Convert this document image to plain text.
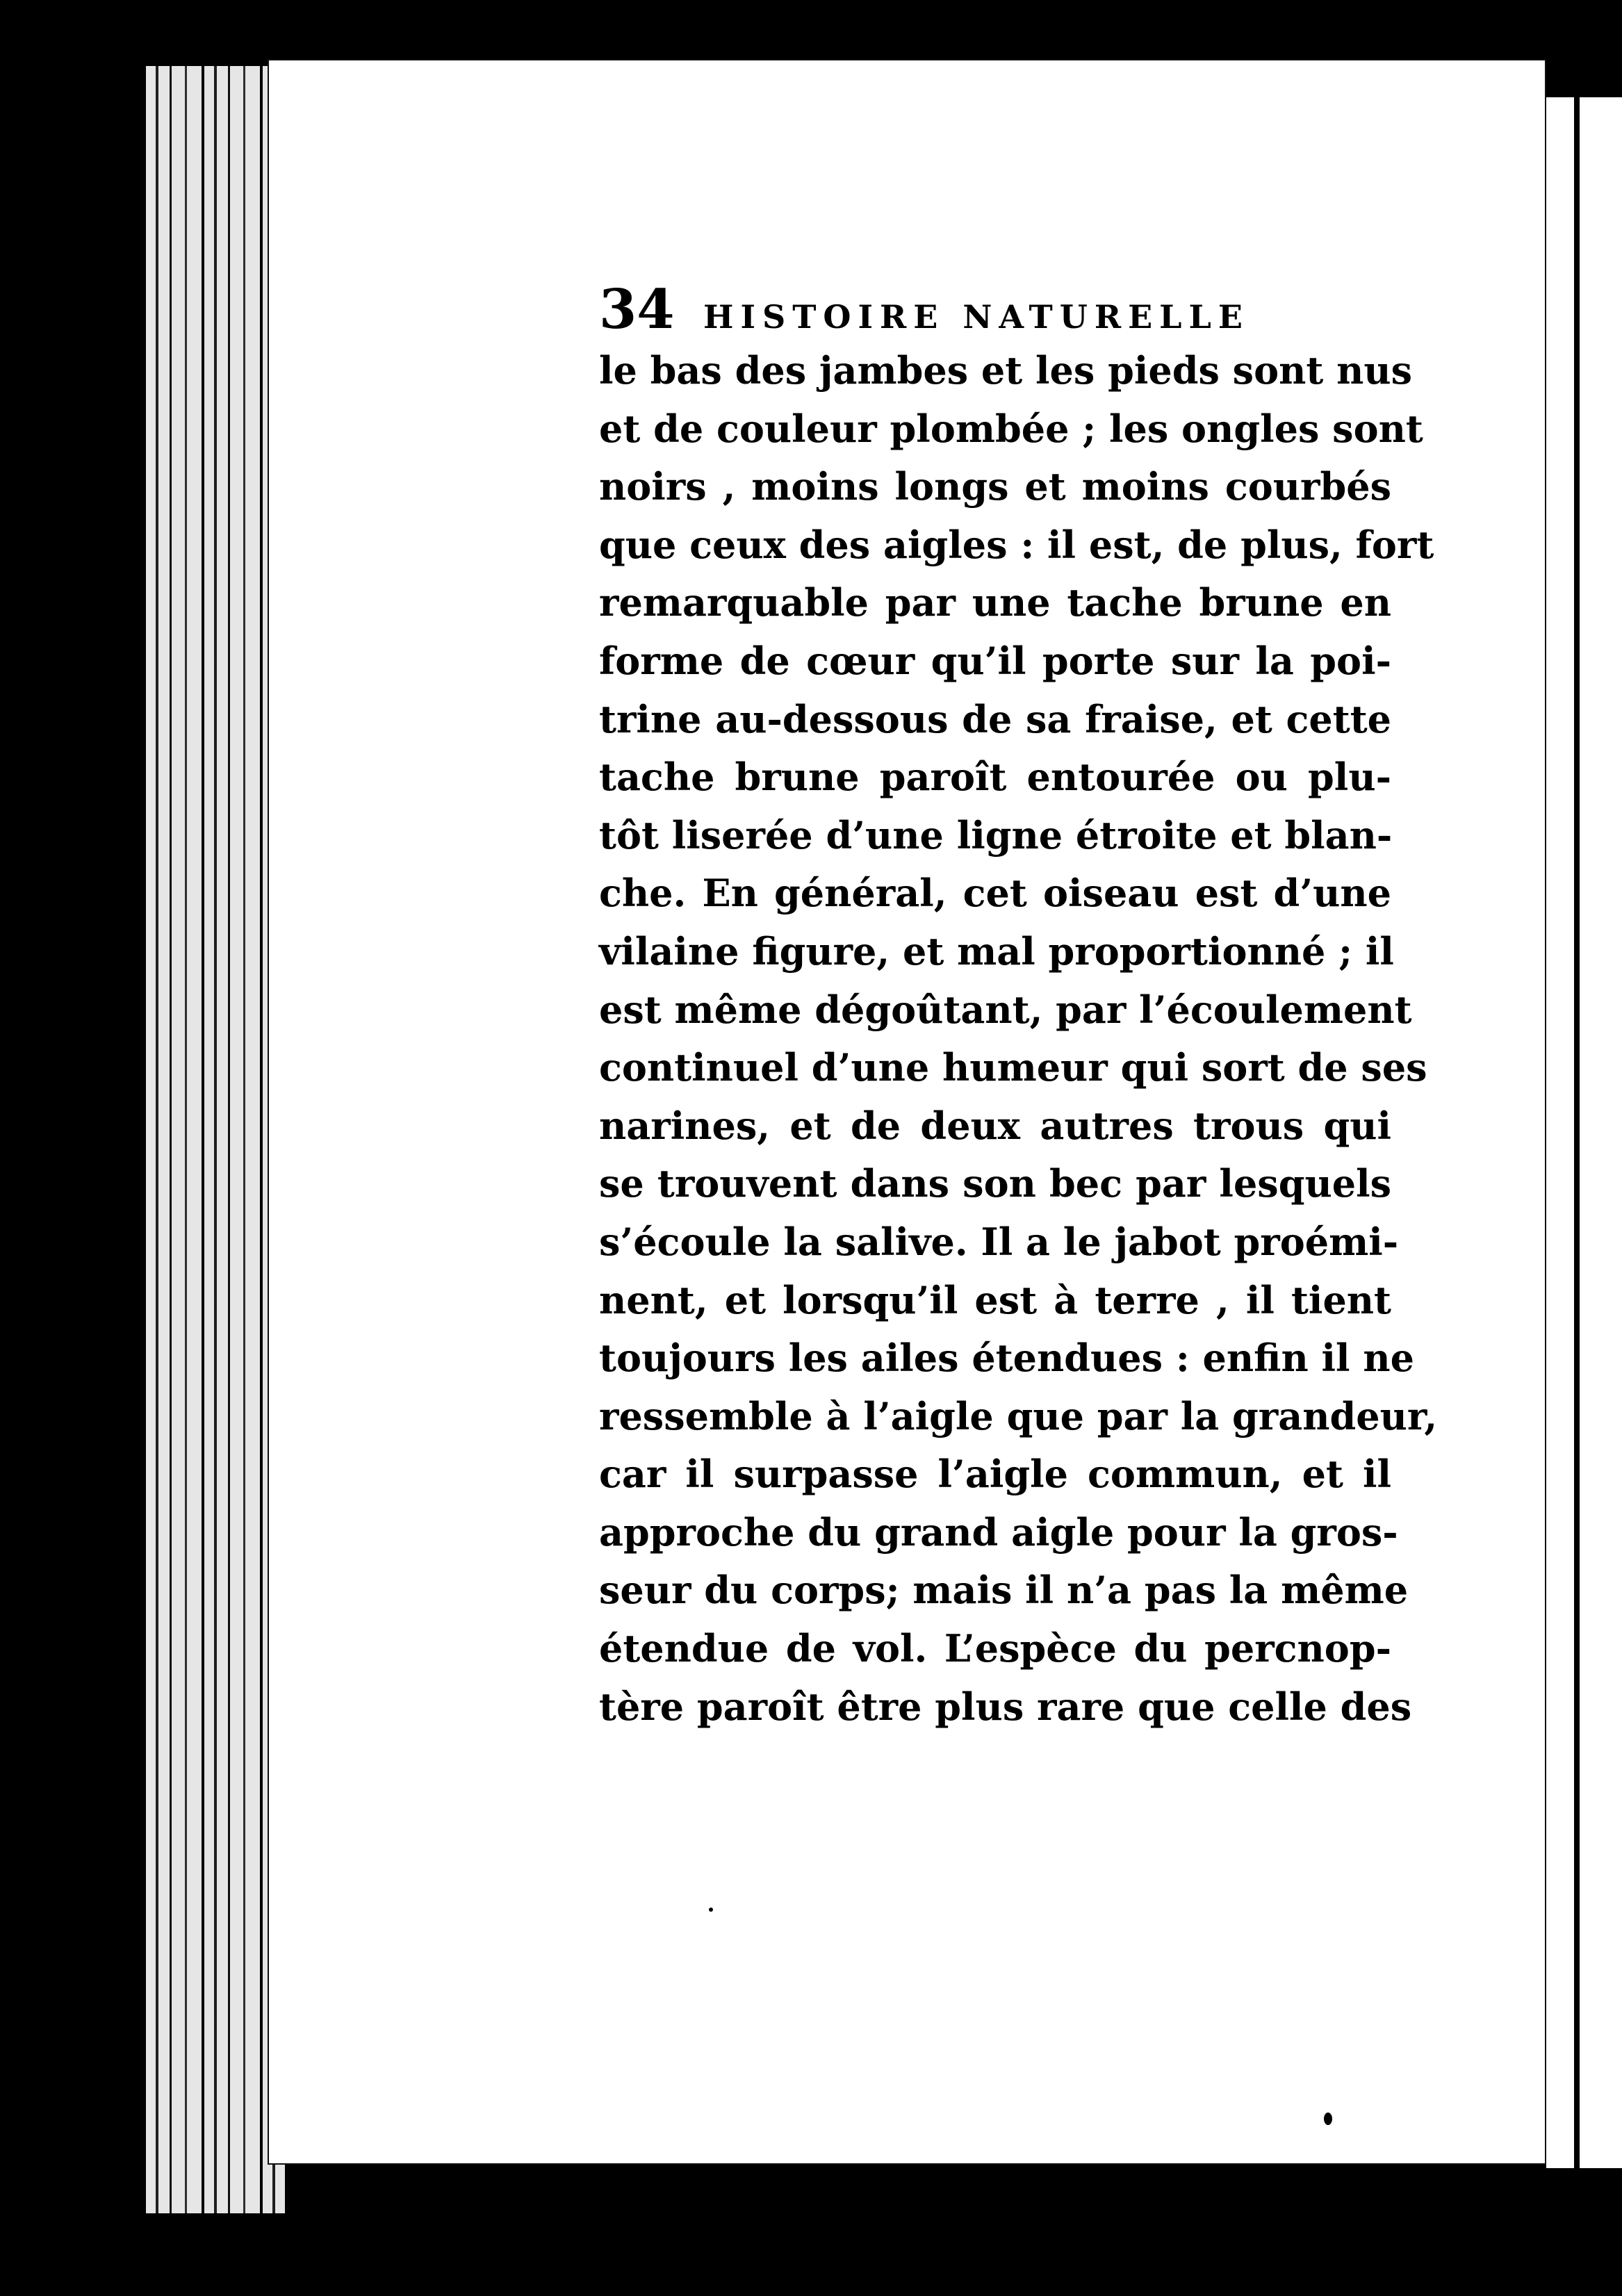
34 HISTOIRE NATURELLE
le bas des jambes et les pieds sont nus
et de couleur plombée ; les ongles sont
noirs , moins longs et moins courbés
que ceux des aigles : il est, de plus, fort
remarquable par une tache brune en
forme de cœur qu’il porte sur la poi-
trine au-dessous de sa fraise, et cette
tache brune paroît entourée ou plu-
tôt liserée d’une ligne étroite et blan-
che. En général, cet oiseau est d’une
vilaine figure, et mal proportionné ; il
est même dégoûtant, par l’écoulement
continuel d’une humeur qui sort de ses
narines, et de deux autres trous qui
se trouvent dans son bec par lesquels
s’écoule la salive. Il a le jabot proémi-
nent, et lorsqu’il est à terre , il tient
toujours les ailes étendues : enfin il ne
ressemble à l’aigle que par la grandeur,
car il surpasse l’aigle commun, et il
approche du grand aigle pour la gros-
seur du corps; mais il n’a pas la même
étendue de vol. L’espèce du percnop-
tère paroît être plus rare que celle des
